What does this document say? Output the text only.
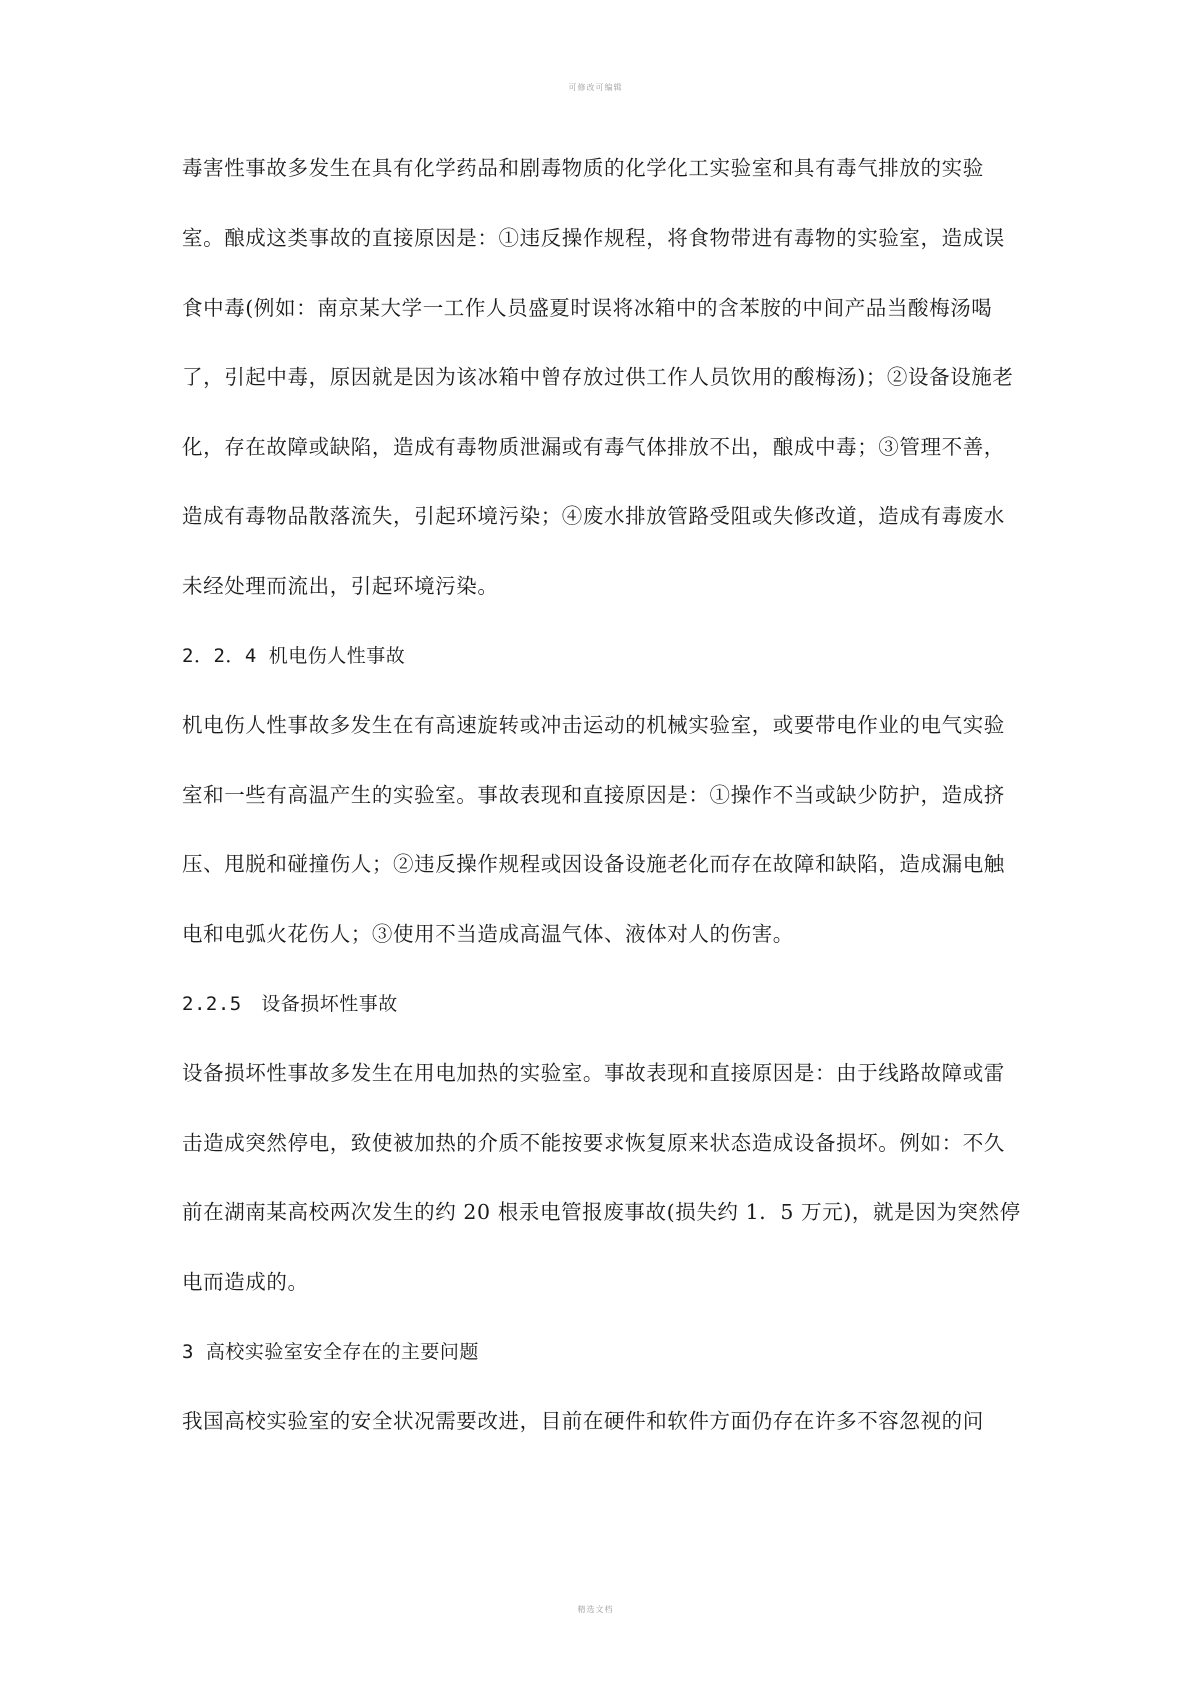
可修改可编辑
毒害性事故多发生在具有化学药品和剧毒物质的化学化工实验室和具有毒气排放的实验
室。酿成这类事故的直接原因是：①违反操作规程，将食物带进有毒物的实验室，造成误
食中毒(例如：南京某大学一工作人员盛夏时误将冰箱中的含苯胺的中间产品当酸梅汤喝
了，引起中毒，原因就是因为该冰箱中曾存放过供工作人员饮用的酸梅汤)；②设备设施老
化，存在故障或缺陷，造成有毒物质泄漏或有毒气体排放不出，酿成中毒；③管理不善，
造成有毒物品散落流失，引起环境污染；④废水排放管路受阻或失修改道，造成有毒废水
未经处理而流出，引起环境污染。
2．2．4 机电伤人性事故
机电伤人性事故多发生在有高速旋转或冲击运动的机械实验室，或要带电作业的电气实验
室和一些有高温产生的实验室。事故表现和直接原因是：①操作不当或缺少防护，造成挤
压、甩脱和碰撞伤人；②违反操作规程或因设备设施老化而存在故障和缺陷，造成漏电触
电和电弧火花伤人；③使用不当造成高温气体、液体对人的伤害。
2.2.5　设备损坏性事故
设备损坏性事故多发生在用电加热的实验室。事故表现和直接原因是：由于线路故障或雷
击造成突然停电，致使被加热的介质不能按要求恢复原来状态造成设备损坏。例如：不久
前在湖南某高校两次发生的约 20 根汞电管报废事故(损失约 1．5 万元)，就是因为突然停
电而造成的。
3 高校实验室安全存在的主要问题
我国高校实验室的安全状况需要改进，目前在硬件和软件方面仍存在许多不容忽视的问
精选文档
